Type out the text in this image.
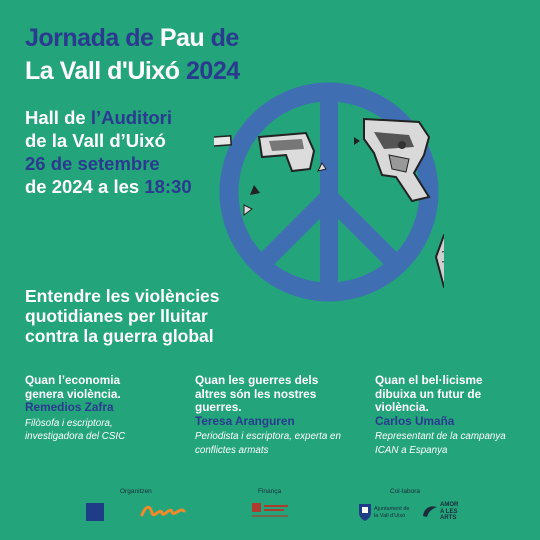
Jornada de Pau de
La Vall d'Uixó 2024
Hall de l’Auditori
de la Vall d’Uixó
26 de setembre
de 2024 a les 18:30
Entendre les violències
quotidianes per lluitar
contra la guerra global
Quan l’economia
genera violència.
Remedios Zafra
Filòsofa i escriptora,
investigadora del CSIC
Quan les guerres dels
altres són les nostres
guerres.
Teresa Aranguren
Periodista i escriptora, experta en
conflictes armats
Quan el bel·licisme
dibuixa un futur de
violència.
Carlos Umaña
Representant de la campanya
ICAN a Espanya
Organitzen	Finança	Col·labora
Ajuntament de
la Vall d'Uixó
AMOR
A LES
ARTS
